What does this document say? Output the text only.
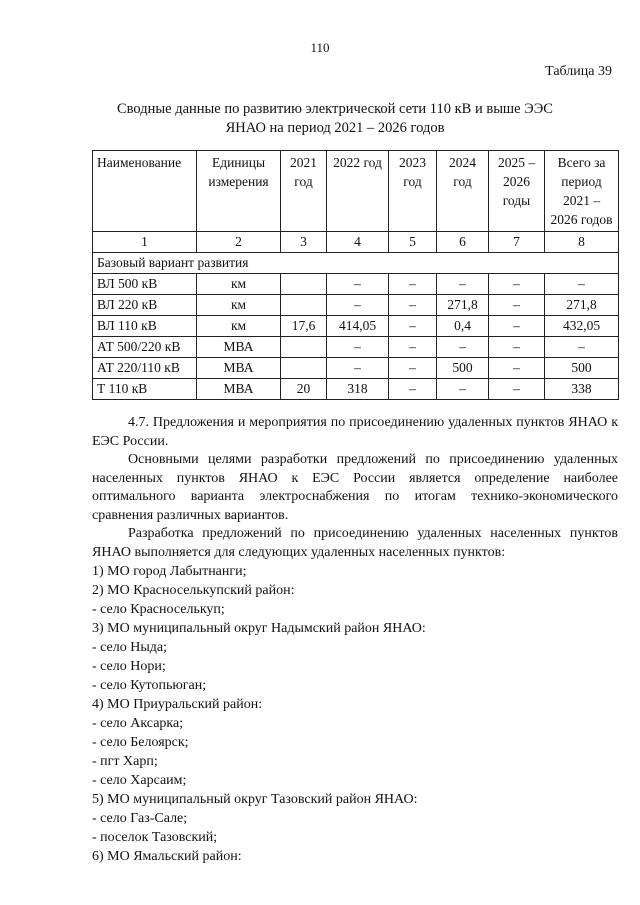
110
Таблица 39
Сводные данные по развитию электрической сети 110 кВ и выше ЭЭС
ЯНАО на период 2021 – 2026 годов
Наименование	Единицы измерения	2021 год	2022 год	2023 год	2024 год	2025 – 2026 годы	Всего за период 2021 – 2026 годов
1	2	3	4	5	6	7	8
Базовый вариант развития							
ВЛ 500 кВ	км		–	–	–	–	–
ВЛ 220 кВ	км		–	–	271,8	–	271,8
ВЛ 110 кВ	км	17,6	414,05	–	0,4	–	432,05
АТ 500/220 кВ	МВА		–	–	–	–	–
АТ 220/110 кВ	МВА		–	–	500	–	500
Т 110 кВ	МВА	20	318	–	–	–	338

4.7. Предложения и мероприятия по присоединению удаленных пунктов ЯНАО к ЕЭС России.

Основными целями разработки предложений по присоединению удаленных населенных пунктов ЯНАО к ЕЭС России является определение наиболее оптимального варианта электроснабжения по итогам технико-экономического сравнения различных вариантов.

Разработка предложений по присоединению удаленных населенных пунктов ЯНАО выполняется для следующих удаленных населенных пунктов:

1) МО город Лабытнанги;
2) МО Красноселькупский район:
- село Красноселькуп;
3) МО муниципальный округ Надымский район ЯНАО:
- село Ныда;
- село Нори;
- село Кутопьюган;
4) МО Приуральский район:
- село Аксарка;
- село Белоярск;
- пгт Харп;
- село Харсаим;
5) МО муниципальный округ Тазовский район ЯНАО:
- село Газ-Сале;
- поселок Тазовский;
6) МО Ямальский район:
